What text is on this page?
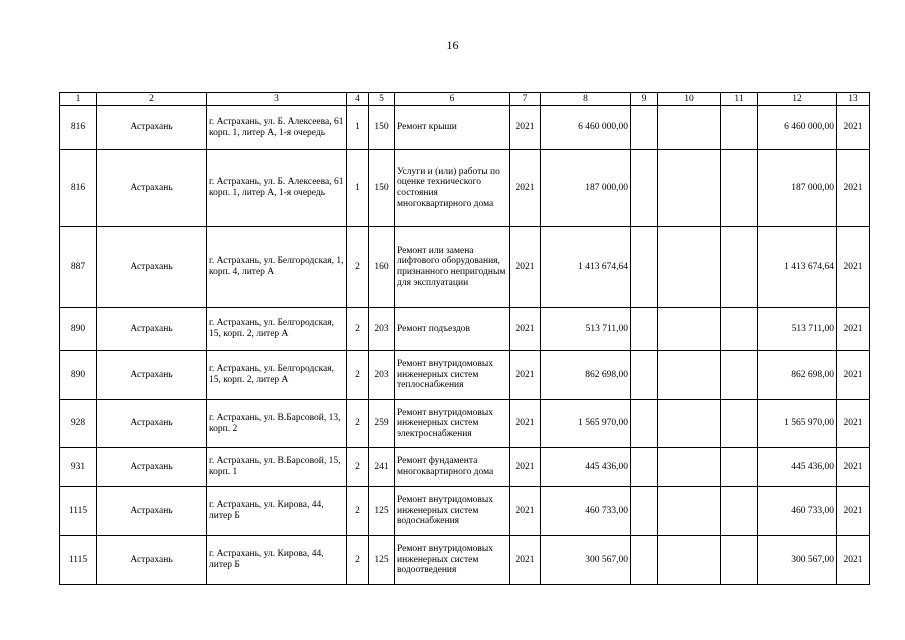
16
1	2	3	4	5	6	7	8	9	10	11	12	13
816	Астрахань	г. Астрахань, ул. Б. Алексеева, 61 корп. 1, литер А, 1-я очередь	1	150	Ремонт крыши	2021	6 460 000,00				6 460 000,00	2021
816	Астрахань	г. Астрахань, ул. Б. Алексеева, 61 корп. 1, литер А, 1-я очередь	1	150	Услуги и (или) работы по оценке технического состояния многоквартирного дома	2021	187 000,00				187 000,00	2021
887	Астрахань	г. Астрахань, ул. Белгородская, 1, корп. 4, литер А	2	160	Ремонт или замена лифтового оборудования, признанного непригодным для эксплуатации	2021	1 413 674,64				1 413 674,64	2021
890	Астрахань	г. Астрахань, ул. Белгородская, 15, корп. 2, литер А	2	203	Ремонт подъездов	2021	513 711,00				513 711,00	2021
890	Астрахань	г. Астрахань, ул. Белгородская, 15, корп. 2, литер А	2	203	Ремонт внутридомовых инженерных систем теплоснабжения	2021	862 698,00				862 698,00	2021
928	Астрахань	г. Астрахань, ул. В.Барсовой, 13, корп. 2	2	259	Ремонт внутридомовых инженерных систем электроснабжения	2021	1 565 970,00				1 565 970,00	2021
931	Астрахань	г. Астрахань, ул. В.Барсовой, 15, корп. 1	2	241	Ремонт фундамента многоквартирного дома	2021	445 436,00				445 436,00	2021
1115	Астрахань	г. Астрахань, ул. Кирова, 44, литер Б	2	125	Ремонт внутридомовых инженерных систем водоснабжения	2021	460 733,00				460 733,00	2021
1115	Астрахань	г. Астрахань, ул. Кирова, 44, литер Б	2	125	Ремонт внутридомовых инженерных систем водоотведения	2021	300 567,00				300 567,00	2021
